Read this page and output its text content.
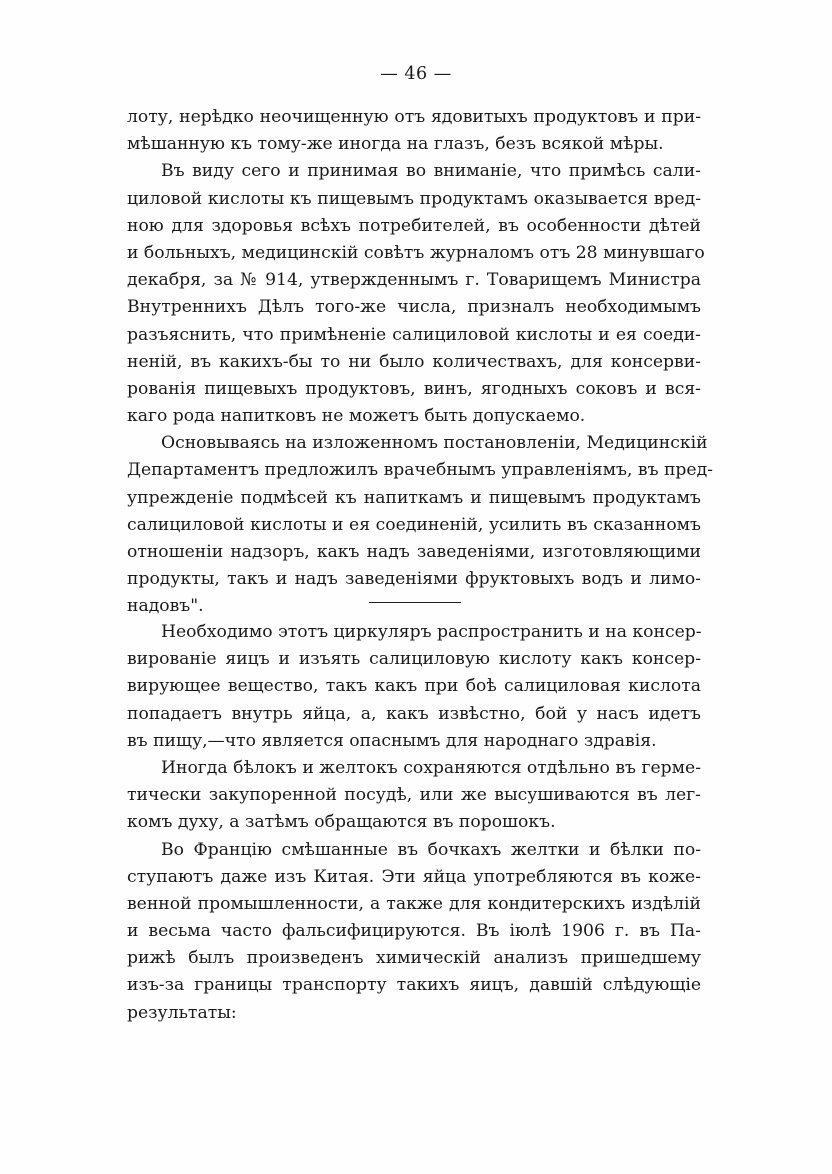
— 46 —
лоту, нерѣдко неочищенную отъ ядовитыхъ продуктовъ и при-
мѣшанную къ тому-же иногда на глазъ, безъ всякой мѣры.
Въ виду сего и принимая во вниманіе, что примѣсь сали-
циловой кислоты къ пищевымъ продуктамъ оказывается вред-
ною для здоровья всѣхъ потребителей, въ особенности дѣтей
и больныхъ, медицинскій совѣтъ журналомъ отъ 28 минувшаго
декабря, за № 914, утвержденнымъ г. Товарищемъ Министра
Внутреннихъ Дѣлъ того-же числа, призналъ необходимымъ
разъяснить, что примѣненіе салициловой кислоты и ея соеди-
неній, въ какихъ-бы то ни было количествахъ, для консерви-
рованія пищевыхъ продуктовъ, винъ, ягодныхъ соковъ и вся-
каго рода напитковъ не можетъ быть допускаемо.
Основываясь на изложенномъ постановленіи, Медицинскій
Департаментъ предложилъ врачебнымъ управленіямъ, въ пред-
упрежденіе подмѣсей къ напиткамъ и пищевымъ продуктамъ
салициловой кислоты и ея соединеній, усилить въ сказанномъ
отношеніи надзоръ, какъ надъ заведеніями, изготовляющими
продукты, такъ и надъ заведеніями фруктовыхъ водъ и лимо-
надовъ".
Необходимо этотъ циркуляръ распространить и на консер-
вированіе яицъ и изъять салициловую кислоту какъ консер-
вирующее вещество, такъ какъ при боѣ салициловая кислота
попадаетъ внутрь яйца, а, какъ извѣстно, бой у насъ идетъ
въ пищу,—что является опаснымъ для народнаго здравія.
Иногда бѣлокъ и желтокъ сохраняются отдѣльно въ герме-
тически закупоренной посудѣ, или же высушиваются въ лег-
комъ духу, а затѣмъ обращаются въ порошокъ.
Во Францію смѣшанные въ бочкахъ желтки и бѣлки по-
ступаютъ даже изъ Китая. Эти яйца употребляются въ коже-
венной промышленности, а также для кондитерскихъ издѣлій
и весьма часто фальсифицируются. Въ іюлѣ 1906 г. въ Па-
рижѣ былъ произведенъ химическій анализъ пришедшему
изъ-за границы транспорту такихъ яицъ, давшій слѣдующіе
результаты:
